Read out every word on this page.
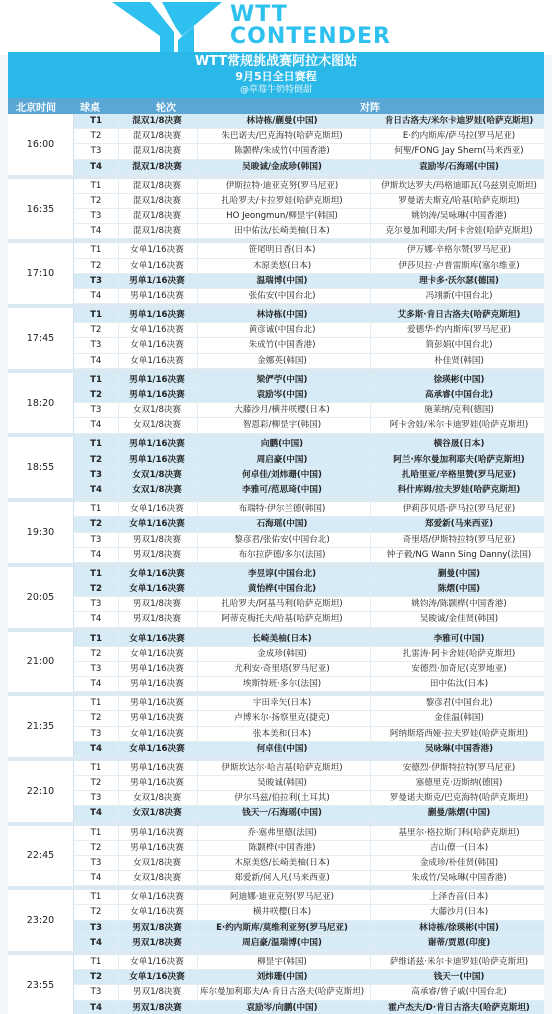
WTT
CONTENDER
WTT常规挑战赛阿拉木图站
9月5日全日赛程
@草莓牛奶特倒甜
北京时间 球桌	轮次	对阵
16:00
T1	混双1/8决赛	林诗栋/蒯曼(中国)	肯日古洛夫/米尔卡迪罗娃(哈萨克斯坦)
T2	混双1/8决赛	朱巴诺夫/巴克海特(哈萨克斯坦)	E·约内斯库/萨马拉(罗马尼亚)
T3	混双1/8决赛	陈颢桦/朱成竹(中国香港)	何聖/FONG Jay Shern(马来西亚)
T4	混双1/8决赛	吴晙诚/金成珍(韩国)	袁励岑/石海瑶(中国)
16:35
T1	混双1/8决赛	伊斯拉特·迪亚克努(罗马尼亚)	伊斯坎达罗夫/玛格迪耶瓦(乌兹别克斯坦)
T2	混双1/8决赛	扎哈罗夫/卡拉罗娃(哈萨克斯坦)	罗曼诺夫斯克/哈基(哈萨克斯坦)
T3	混双1/8决赛	HO Jeongmun/柳昰宇(韩国)	姚钧涛/吴咏琳(中国香港)
T4	混双1/8决赛	田中佑汰/长崎美柚(日本)	克尔曼加利耶夫/阿卡舍娃(哈萨克斯坦)
17:10
T1	女单1/16决赛	笹尾明日香(日本)	伊万娜·辛格尔赞(罗马尼亚)
T2	女单1/16决赛	木原美悠(日本)	伊莎贝拉·卢普雷斯库(塞尔维亚)
T3	男单1/16决赛	温瑞博(中国)	理卡多·沃尔瑟(德国)
T4	男单1/16决赛	张佑安(中国台北)	冯翊新(中国台北)
17:45
T1	男单1/16决赛	林诗栋(中国)	艾多斯·肯日古洛夫(哈萨克斯坦)
T2	女单1/16决赛	黄彦诚(中国台北)	爱德华·约内斯库(罗马尼亚)
T3	女单1/16决赛	朱成竹(中国香港)	简彭娟(中国台北)
T4	女单1/16决赛	金娜英(韩国)	朴佳贤(韩国)
18:20
T1	男单1/16决赛	梁俨苧(中国)	徐瑛彬(中国)
T2	男单1/16决赛	袁励岑(中国)	高承睿(中国台北)
T3	女双1/8决赛	大藤沙月/横井咲樱(日本)	施莱纳/克利(德国)
T4	女双1/8决赛	智恩彩/柳昰宇(韩国)	阿卡舍娃/米尔卡迪罗娃(哈萨克斯坦)
18:55
T1	男单1/16决赛	向鹏(中国)	横谷晟(日本)
T2	男单1/16决赛	周启豪(中国)	阿兰·库尔曼加利耶夫(哈萨克斯坦)
T3	女双1/8决赛	何卓佳/刘炜珊(中国)	扎哈里亚/辛格里赞(罗马尼亚)
T4	女双1/8决赛	李雅可/范思琦(中国)	科什库姆/拉夫罗娃(哈萨克斯坦)
19:30
T1	女单1/16决赛	布瑞特·伊尔兰德(韩国)	伊莉莎贝塔·萨马拉(罗马尼亚)
T2	女单1/16决赛	石海瑶(中国)	郑爱新(马来西亚)
T3	男双1/8决赛	黎彦君/张佑安(中国台北)	奇里塔/伊斯特拉特(罗马尼亚)
T4	男双1/8决赛	布尔拉萨德/多尔(法国)	钟子毅/NG Wann Sing Danny(法国)
20:05
T1	女单1/16决赛	李昱谆(中国台北)	蒯曼(中国)
T2	女单1/16决赛	黄怡桦(中国台北)	陈熠(中国)
T3	男双1/8决赛	扎哈罗夫/阿基马利(哈萨克斯坦)	姚钧涛/陈颢桦(中国香港)
T4	男双1/8决赛	阿蒂克梅托夫/哈基(哈萨克斯坦)	吴晙诚/金佳贤(韩国)
21:00
T1	女单1/16决赛	长崎美柚(日本)	李雅可(中国)
T2	女单1/16决赛	金成珍(韩国)	扎雷涛·阿卡舍娃(哈萨克斯坦)
T3	男单1/16决赛	尤利安·奇里塔(罗马尼亚)	安德烈·加奇尼(克罗地亚)
T4	男单1/16决赛	埃斯特班·多尔(法国)	田中佑汰(日本)
21:35
T1	男单1/16决赛	宇田幸矢(日本)	黎彦君(中国台北)
T2	男单1/16决赛	卢博米尔·扬察里克(捷克)	金佳温(韩国)
T3	女单1/16决赛	张本美和(日本)	阿纳斯塔西娅·拉夫罗娃(哈萨克斯坦)
T4	女单1/16决赛	何卓佳(中国)	吴咏琳(中国香港)
22:10
T1	男单1/16决赛	伊斯坎达尔·哈吉基(哈萨克斯坦)	安德烈·伊斯特拉特(罗马尼亚)
T2	男单1/16决赛	吴晙诚(韩国)	塞德里克·迈斯纳(德国)
T3	女双1/8决赛	伊尔马兹/伯拉利(土耳其)	罗曼诺夫斯克/巴克海特(哈萨克斯坦)
T4	女双1/8决赛	钱天一/石海瑶(中国)	蒯曼/陈熠(中国)
22:45
T1	男单1/16决赛	乔·塞弗里德(法国)	基里尔·格拉斯门科(哈萨克斯坦)
T2	男单1/16决赛	陈颢桦(中国香港)	吉山僚一(日本)
T3	女双1/8决赛	木原美悠/长崎美柚(日本)	金成珍/朴佳贤(韩国)
T4	女双1/8决赛	郑爱新/何人凡(马来西亚)	朱成竹/吴咏琳(中国香港)
23:20
T1	女单1/16决赛	阿迪娜·迪亚克努(罗马尼亚)	上泽杏音(日本)
T2	女单1/16决赛	横井咲樱(日本)	大藤沙月(日本)
T3	男双1/8决赛	E·约内斯库/莫维利亚努(罗马尼亚)	林诗栋/徐瑛彬(中国)
T4	男双1/8决赛	周启豪/温瑞博(中国)	谢蒂/贾恩(印度)
23:55
T1	女单1/16决赛	柳昰宇(韩国)	萨维诺兹·米尔卡迪罗娃(哈萨克斯坦)
T2	女单1/16决赛	刘炜珊(中国)	钱天一(中国)
T3	男双1/8决赛	库尔曼加利耶夫/A·肯日古洛夫(哈萨克斯坦)	高承睿/曾子戚(中国台北)
T4	男双1/8决赛	袁励岑/向鹏(中国)	霍卢杰夫/D·肯日古洛夫(哈萨克斯坦)
